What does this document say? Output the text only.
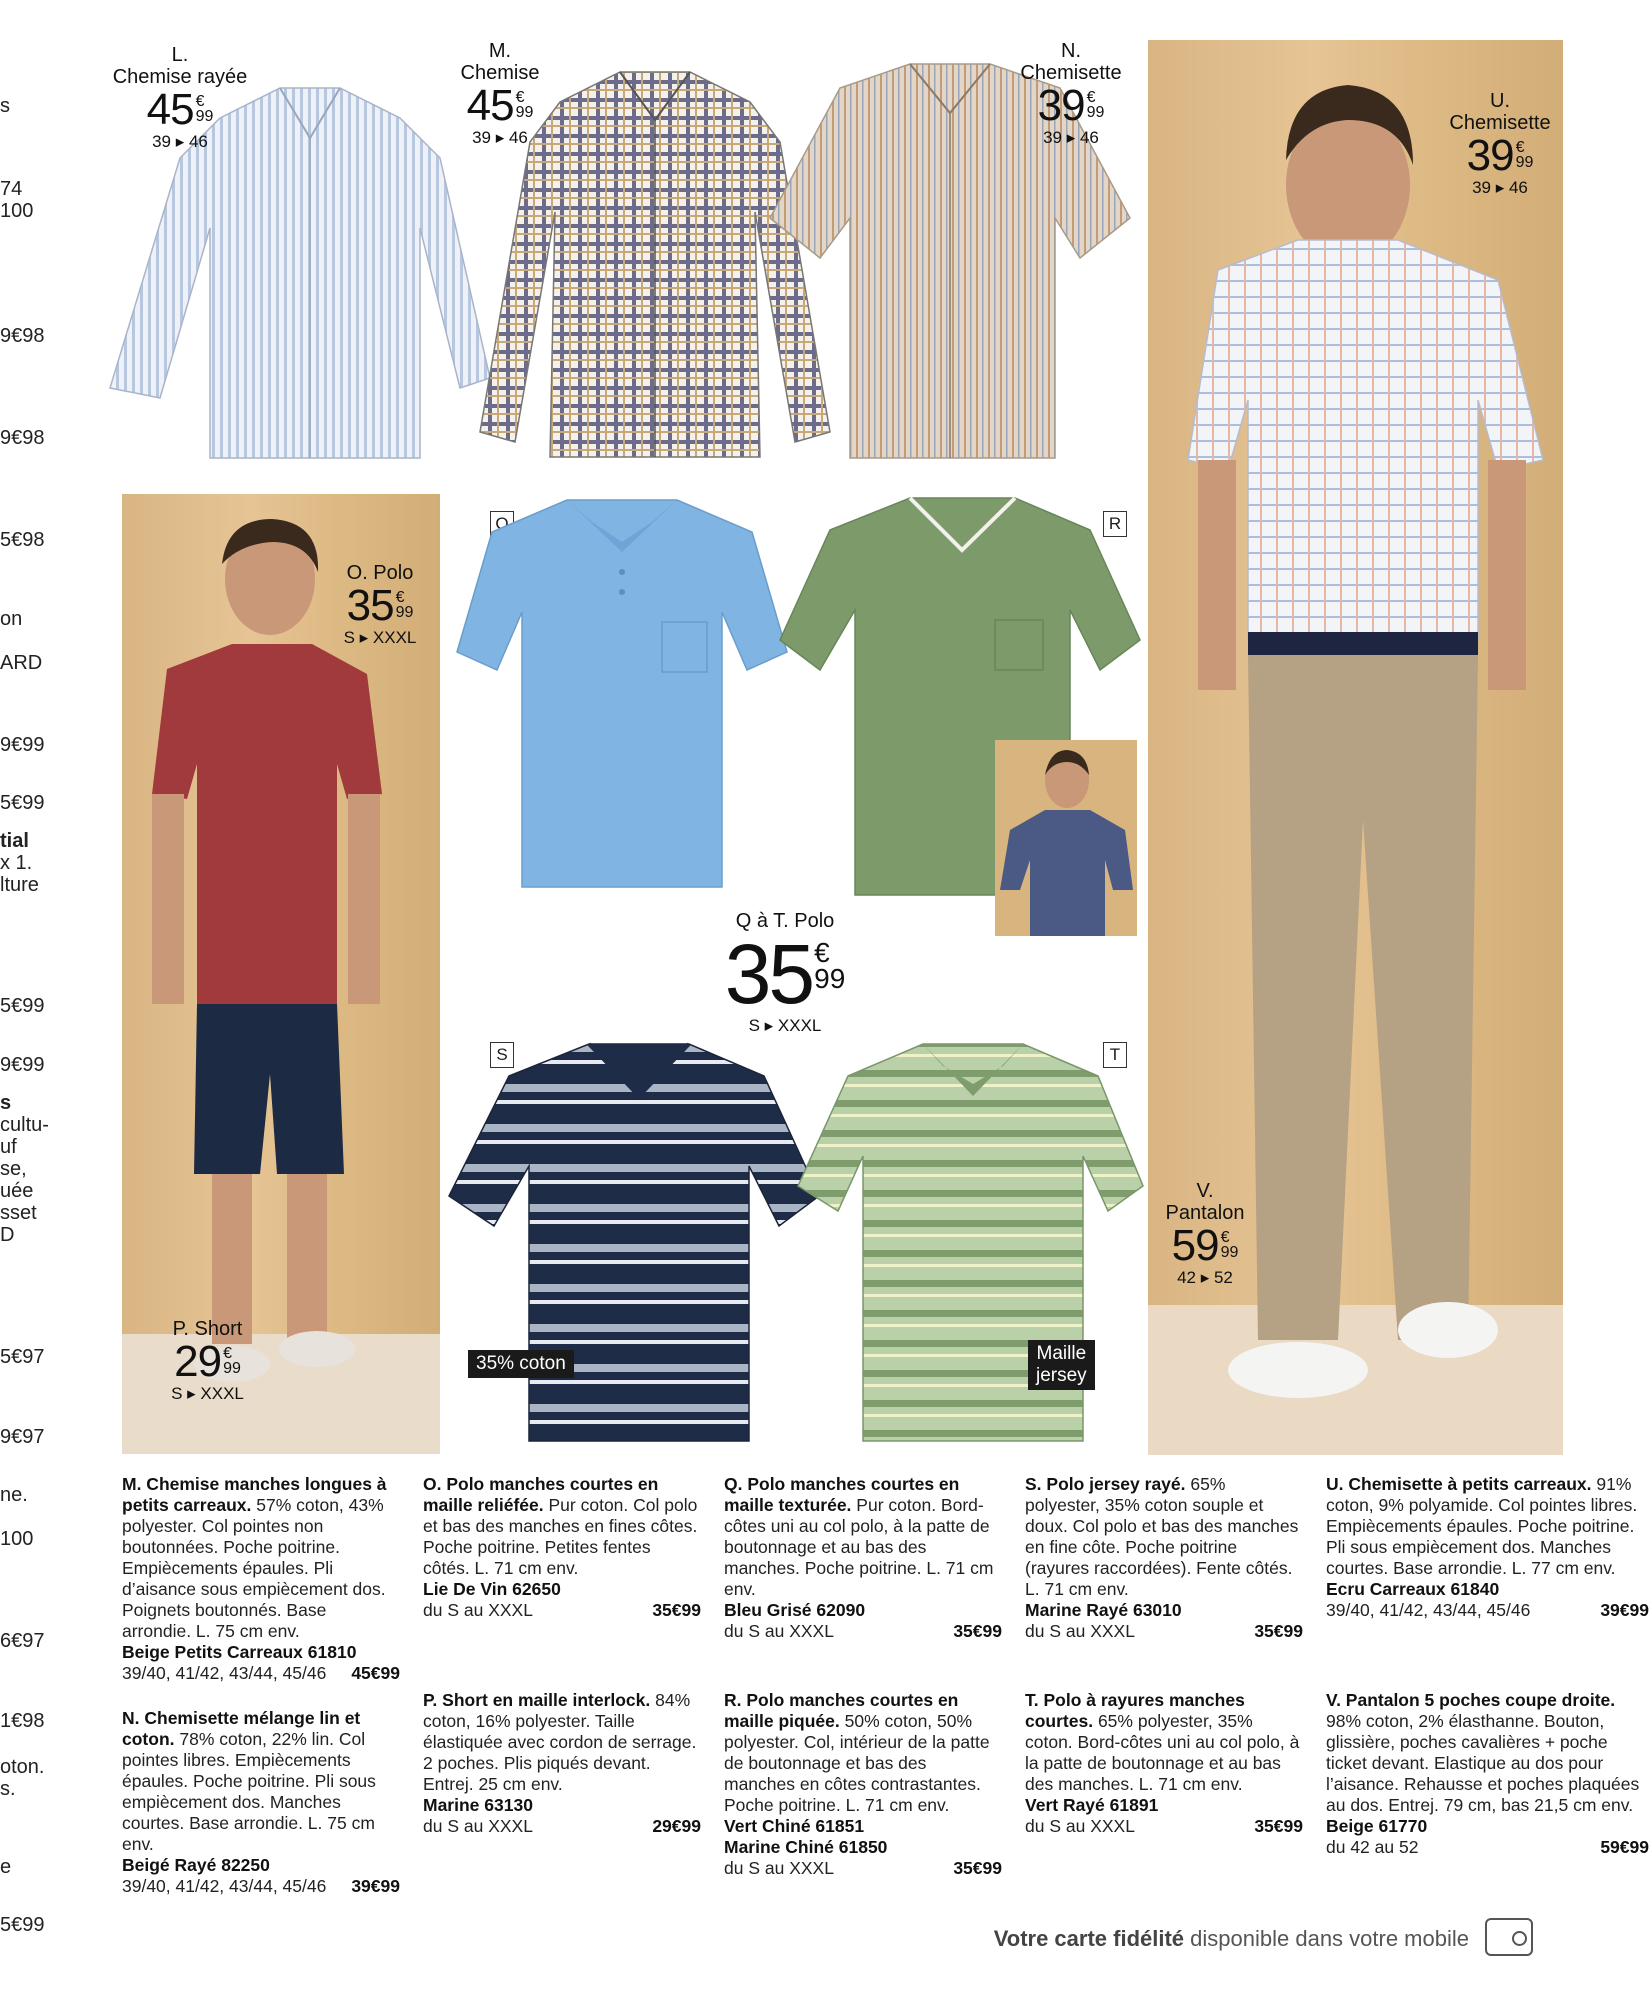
s
74
100
9€98
9€98
5€98
on
ARD
9€99
5€99
tial
x 1.
lture
5€99
9€99
s
cultu-
uf
se,
uée
sset
D
5€97
9€97
ne.
100
6€97
1€98
oton.
s.
e
5€99
L.
Chemise rayée
45 €
99
39 ▸ 46
M.
Chemise
45 €
99
39 ▸ 46
N.
Chemisette
39 €
99
39 ▸ 46
U.
Chemisette
39 €
99
39 ▸ 46
V.
Pantalon
59 €
99
42 ▸ 52
O. Polo
35 €
99
S ▸ XXXL
P. Short
29 €
99
S ▸ XXXL
Q	R
Q à T. Polo
35 €
99
S ▸ XXXL
S	T
35% coton	Maille
jersey
M. Chemise manches longues à petits carreaux. 57% coton, 43% polyester. Col pointes non boutonnées. Poche poitrine. Empiècements épaules. Pli d’aisance sous empiècement dos. Poignets boutonnés. Base arrondie. L. 75 cm env.
Beige Petits Carreaux 61810
39/40, 41/42, 43/44, 45/46 45€99
N. Chemisette mélange lin et coton. 78% coton, 22% lin. Col pointes libres. Empiècements épaules. Poche poitrine. Pli sous empiècement dos. Manches courtes. Base arrondie. L. 75 cm env.
Beigé Rayé 82250
39/40, 41/42, 43/44, 45/46 39€99
O. Polo manches courtes en maille reliéfée. Pur coton. Col polo et bas des manches en fines côtes. Poche poitrine. Petites fentes côtés. L. 71 cm env.
Lie De Vin 62650
du S au XXXL	35€99
P. Short en maille interlock. 84% coton, 16% polyester. Taille élastiquée avec cordon de serrage. 2 poches. Plis piqués devant. Entrej. 25 cm env.
Marine 63130
du S au XXXL	29€99
Q. Polo manches courtes en maille texturée. Pur coton. Bord-côtes uni au col polo, à la patte de boutonnage et au bas des manches. Poche poitrine. L. 71 cm env.
Bleu Grisé 62090
du S au XXXL	35€99
R. Polo manches courtes en maille piquée. 50% coton, 50% polyester. Col, intérieur de la patte de boutonnage et bas des manches en côtes contrastantes. Poche poitrine. L. 71 cm env.
Vert Chiné 61851
Marine Chiné 61850
du S au XXXL	35€99
S. Polo jersey rayé. 65% polyester, 35% coton souple et doux. Col polo et bas des manches en fine côte. Poche poitrine (rayures raccordées). Fente côtés. L. 71 cm env.
Marine Rayé 63010
du S au XXXL	35€99
T. Polo à rayures manches courtes. 65% polyester, 35% coton. Bord-côtes uni au col polo, à la patte de boutonnage et au bas des manches. L. 71 cm env.
Vert Rayé 61891
du S au XXXL	35€99
U. Chemisette à petits carreaux. 91% coton, 9% polyamide. Col pointes libres. Empiècements épaules. Poche poitrine. Pli sous empiècement dos. Manches courtes. Base arrondie. L. 77 cm env.
Ecru Carreaux 61840
39/40, 41/42, 43/44, 45/46	39€99
V. Pantalon 5 poches coupe droite. 98% coton, 2% élasthanne. Bouton, glissière, poches cavalières + poche ticket devant. Elastique au dos pour l’aisance. Rehausse et poches plaquées au dos. Entrej. 79 cm, bas 21,5 cm env.
Beige 61770
du 42 au 52	59€99
Votre carte fidélité disponible dans votre mobile
